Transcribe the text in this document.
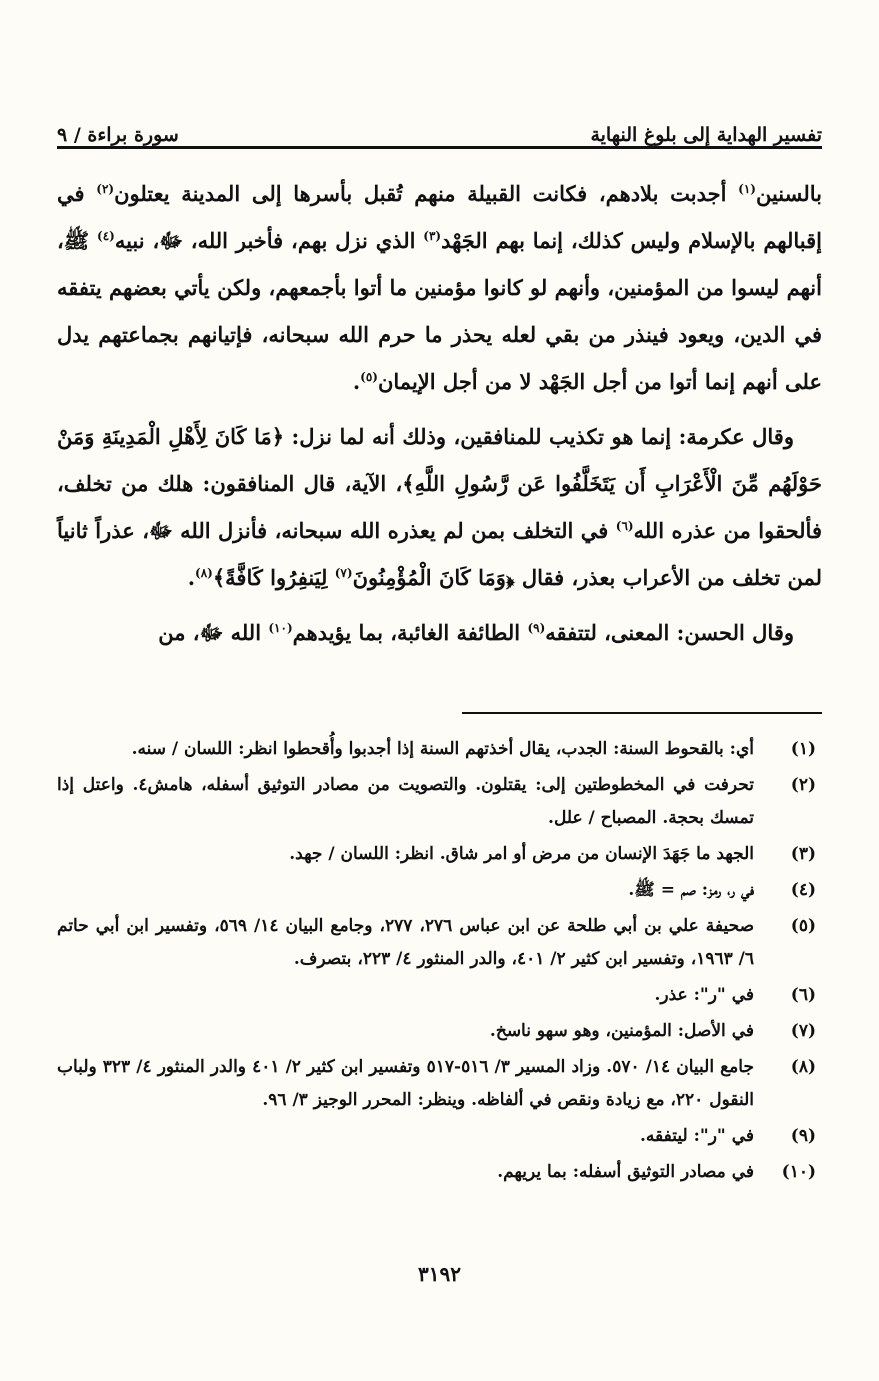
تفسير الهداية إلى بلوغ النهاية
سورة براءة / ٩

بالسنين$^{(١)}$ أجدبت بلادهم، فكانت القبيلة منهم تُقبل بأسرها إلى المدينة يعتلون$^{(٢)}$ في إقبالهم بالإسلام وليس كذلك، إنما بهم الجَهْد$^{(٣)}$ الذي نزل بهم، فأخبر الله، ﷻ، نبيه$^{(٤)}$ ﷺ، أنهم ليسوا من المؤمنين، وأنهم لو كانوا مؤمنين ما أتوا بأجمعهم، ولكن يأتي بعضهم يتفقه في الدين، ويعود فينذر من بقي لعله يحذر ما حرم الله سبحانه، فإتيانهم بجماعتهم يدل على أنهم إنما أتوا من أجل الجَهْد لا من أجل الإيمان$^{(٥)}$.

وقال عكرمة: إنما هو تكذيب للمنافقين، وذلك أنه لما نزل: ﴿مَا كَانَ لِأَهْلِ الْمَدِينَةِ وَمَنْ حَوْلَهُم مِّنَ الْأَعْرَابِ أَن يَتَخَلَّفُوا عَن رَّسُولِ اللَّهِ﴾، الآية، قال المنافقون: هلك من تخلف، فألحقوا من عذره الله$^{(٦)}$ في التخلف بمن لم يعذره الله سبحانه، فأنزل الله ﷻ، عذراً ثانياً لمن تخلف من الأعراب بعذر، فقال ﴿وَمَا كَانَ الْمُؤْمِنُونَ$^{(٧)}$ لِيَنفِرُوا كَافَّةً﴾$^{(٨)}$.

وقال الحسن: المعنى، لتتفقه$^{(٩)}$ الطائفة الغائبة، بما يؤيدهم$^{(١٠)}$ الله ﷻ، من

(١)
أي: بالقحوط السنة: الجدب، يقال أخذتهم السنة إذا أجدبوا وأُقحطوا انظر: اللسان / سنه.
(٢)
تحرفت في المخطوطتين إلى: يقتلون. والتصويت من مصادر التوثيق أسفله، هامش٤. واعتل إذا تمسك بحجة. المصباح / علل.
(٣)
الجهد ما جَهَدَ الإنسان من مرض أو امر شاق. انظر: اللسان / جهد.
(٤)
في ر، رمز: صم = ﷺ.
(٥)
صحيفة علي بن أبي طلحة عن ابن عباس ٢٧٦، ٢٧٧، وجامع البيان ١٤/ ٥٦٩، وتفسير ابن أبي حاتم ٦/ ١٩٦٣، وتفسير ابن كثير ٢/ ٤٠١، والدر المنثور ٤/ ٢٢٣، بتصرف.
(٦)
في "ر": عذر.
(٧)
في الأصل: المؤمنين، وهو سهو ناسخ.
(٨)
جامع البيان ١٤/ ٥٧٠. وزاد المسير ٣/ ٥١٦-٥١٧ وتفسير ابن كثير ٢/ ٤٠١ والدر المنثور ٤/ ٣٢٣ ولباب النقول ٢٢٠، مع زيادة ونقص في ألفاظه. وينظر: المحرر الوجيز ٣/ ٩٦.
(٩)
في "ر": ليتفقه.
(١٠)
في مصادر التوثيق أسفله: بما يريهم.
٣١٩٢
